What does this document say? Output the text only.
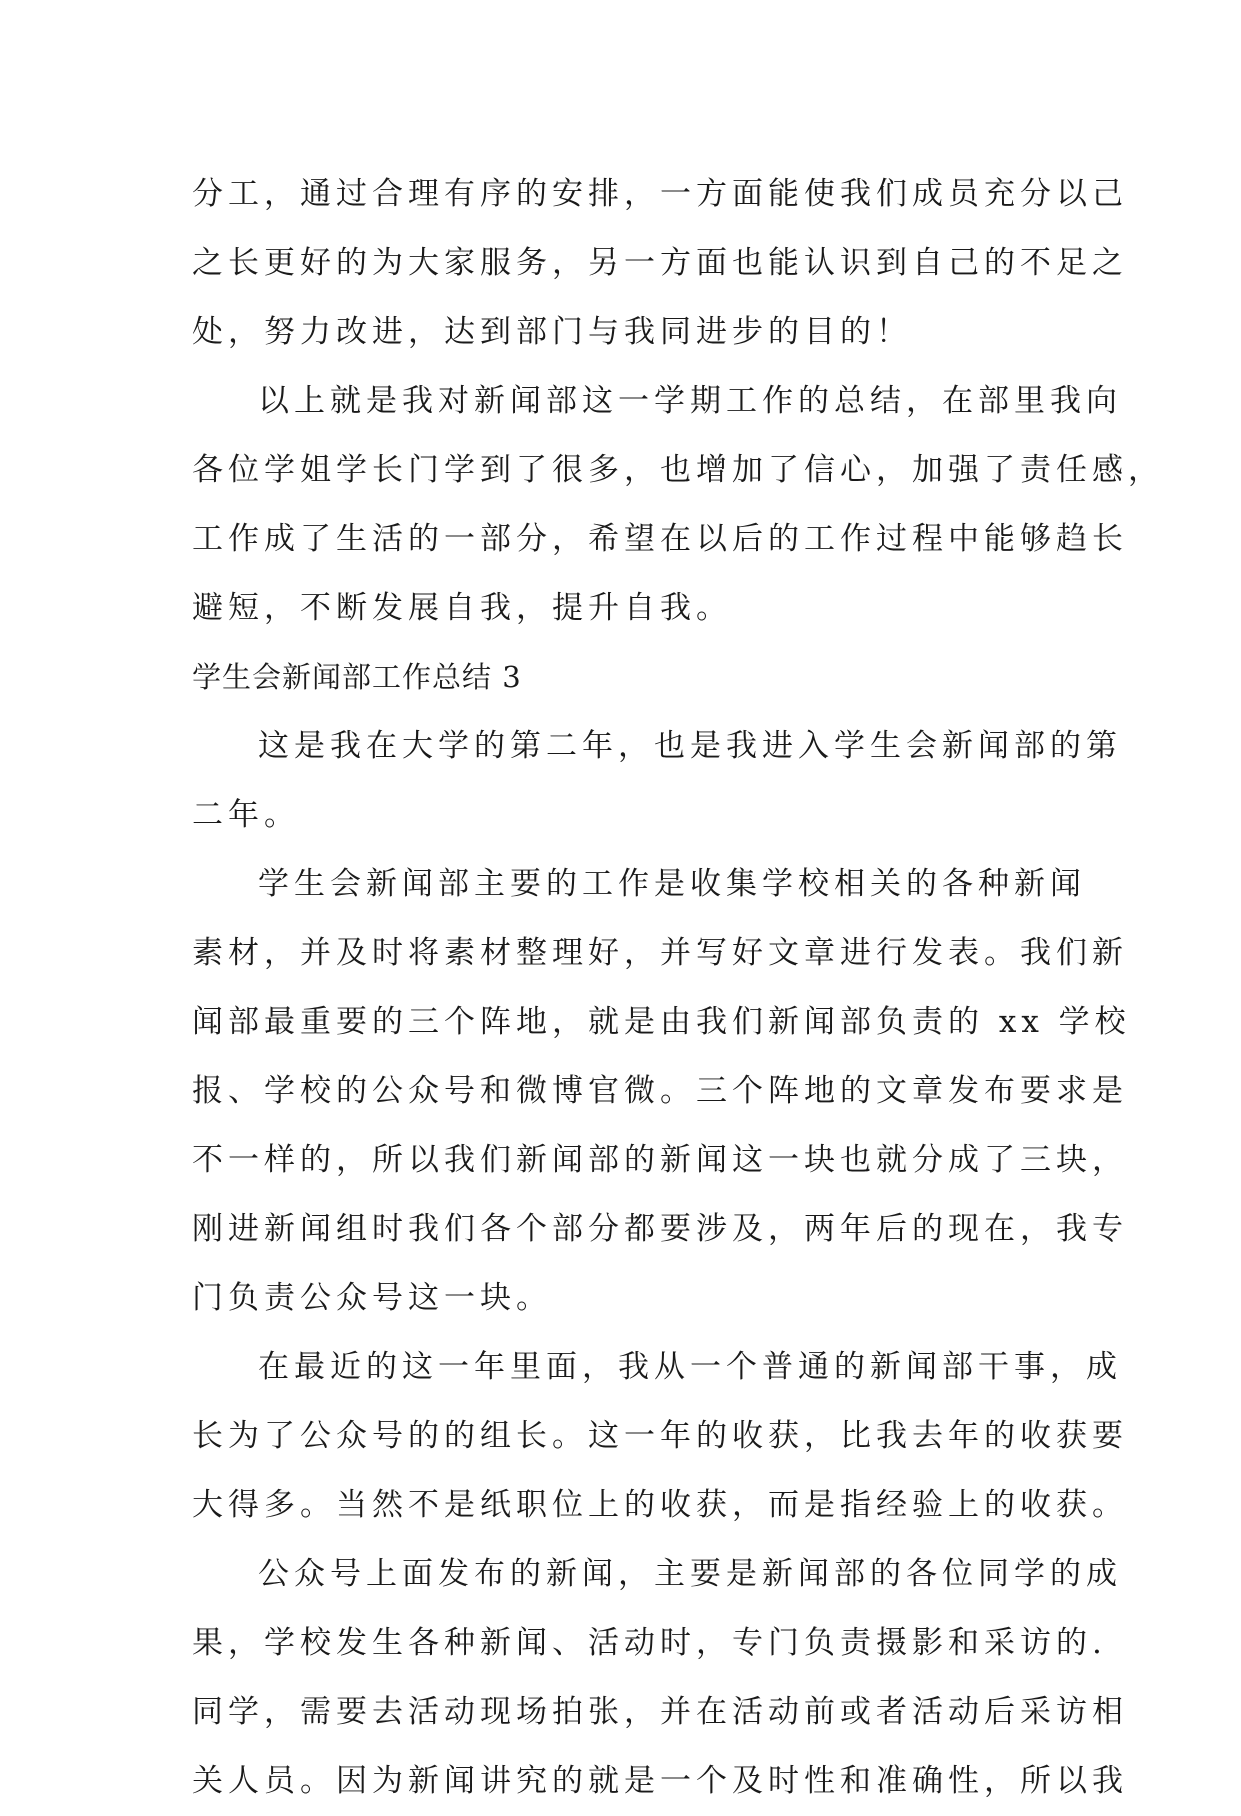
分工，通过合理有序的安排，一方面能使我们成员充分以己
之长更好的为大家服务，另一方面也能认识到自己的不足之
处，努力改进，达到部门与我同进步的目的！
以上就是我对新闻部这一学期工作的总结，在部里我向
各位学姐学长门学到了很多，也增加了信心，加强了责任感，
工作成了生活的一部分，希望在以后的工作过程中能够趋长
避短，不断发展自我，提升自我。
学生会新闻部工作总结 3
这是我在大学的第二年，也是我进入学生会新闻部的第
二年。
学生会新闻部主要的工作是收集学校相关的各种新闻
素材，并及时将素材整理好，并写好文章进行发表。我们新
闻部最重要的三个阵地，就是由我们新闻部负责的 xx 学校
报、学校的公众号和微博官微。三个阵地的文章发布要求是
不一样的，所以我们新闻部的新闻这一块也就分成了三块，
刚进新闻组时我们各个部分都要涉及，两年后的现在，我专
门负责公众号这一块。
在最近的这一年里面，我从一个普通的新闻部干事，成
长为了公众号的的组长。这一年的收获，比我去年的收获要
大得多。当然不是纸职位上的收获，而是指经验上的收获。
公众号上面发布的新闻，主要是新闻部的各位同学的成
果，学校发生各种新闻、活动时，专门负责摄影和采访的.
同学，需要去活动现场拍张，并在活动前或者活动后采访相
关人员。因为新闻讲究的就是一个及时性和准确性，所以我
